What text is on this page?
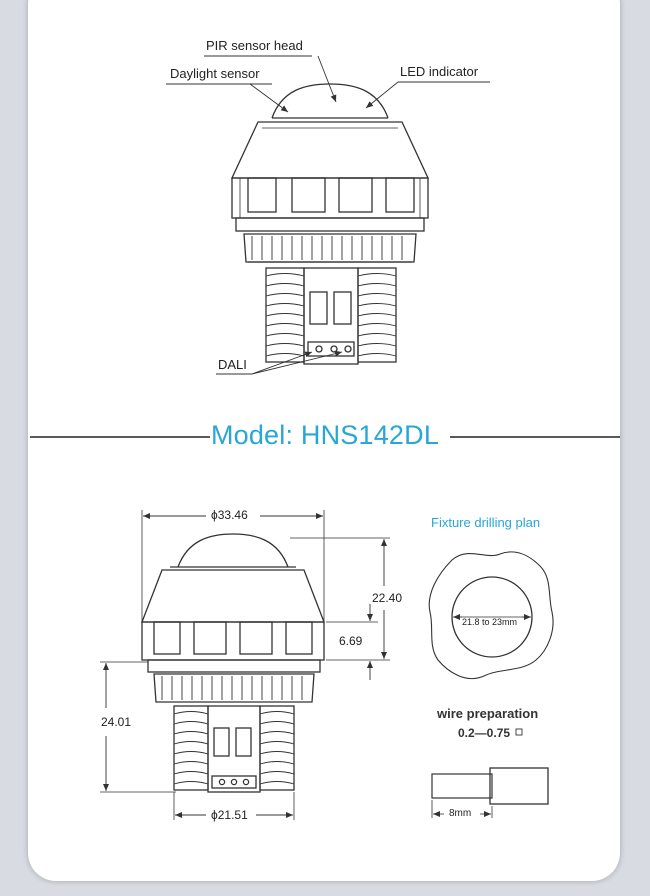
PIR sensor head
Daylight sensor	LED indicator
DALI
Model: HNS142DL
ϕ33.46
22.40
6.69
24.01
ϕ21.51
Fixture drilling plan
21.8 to 23mm
wire preparation
0.2—0.75
8mm
